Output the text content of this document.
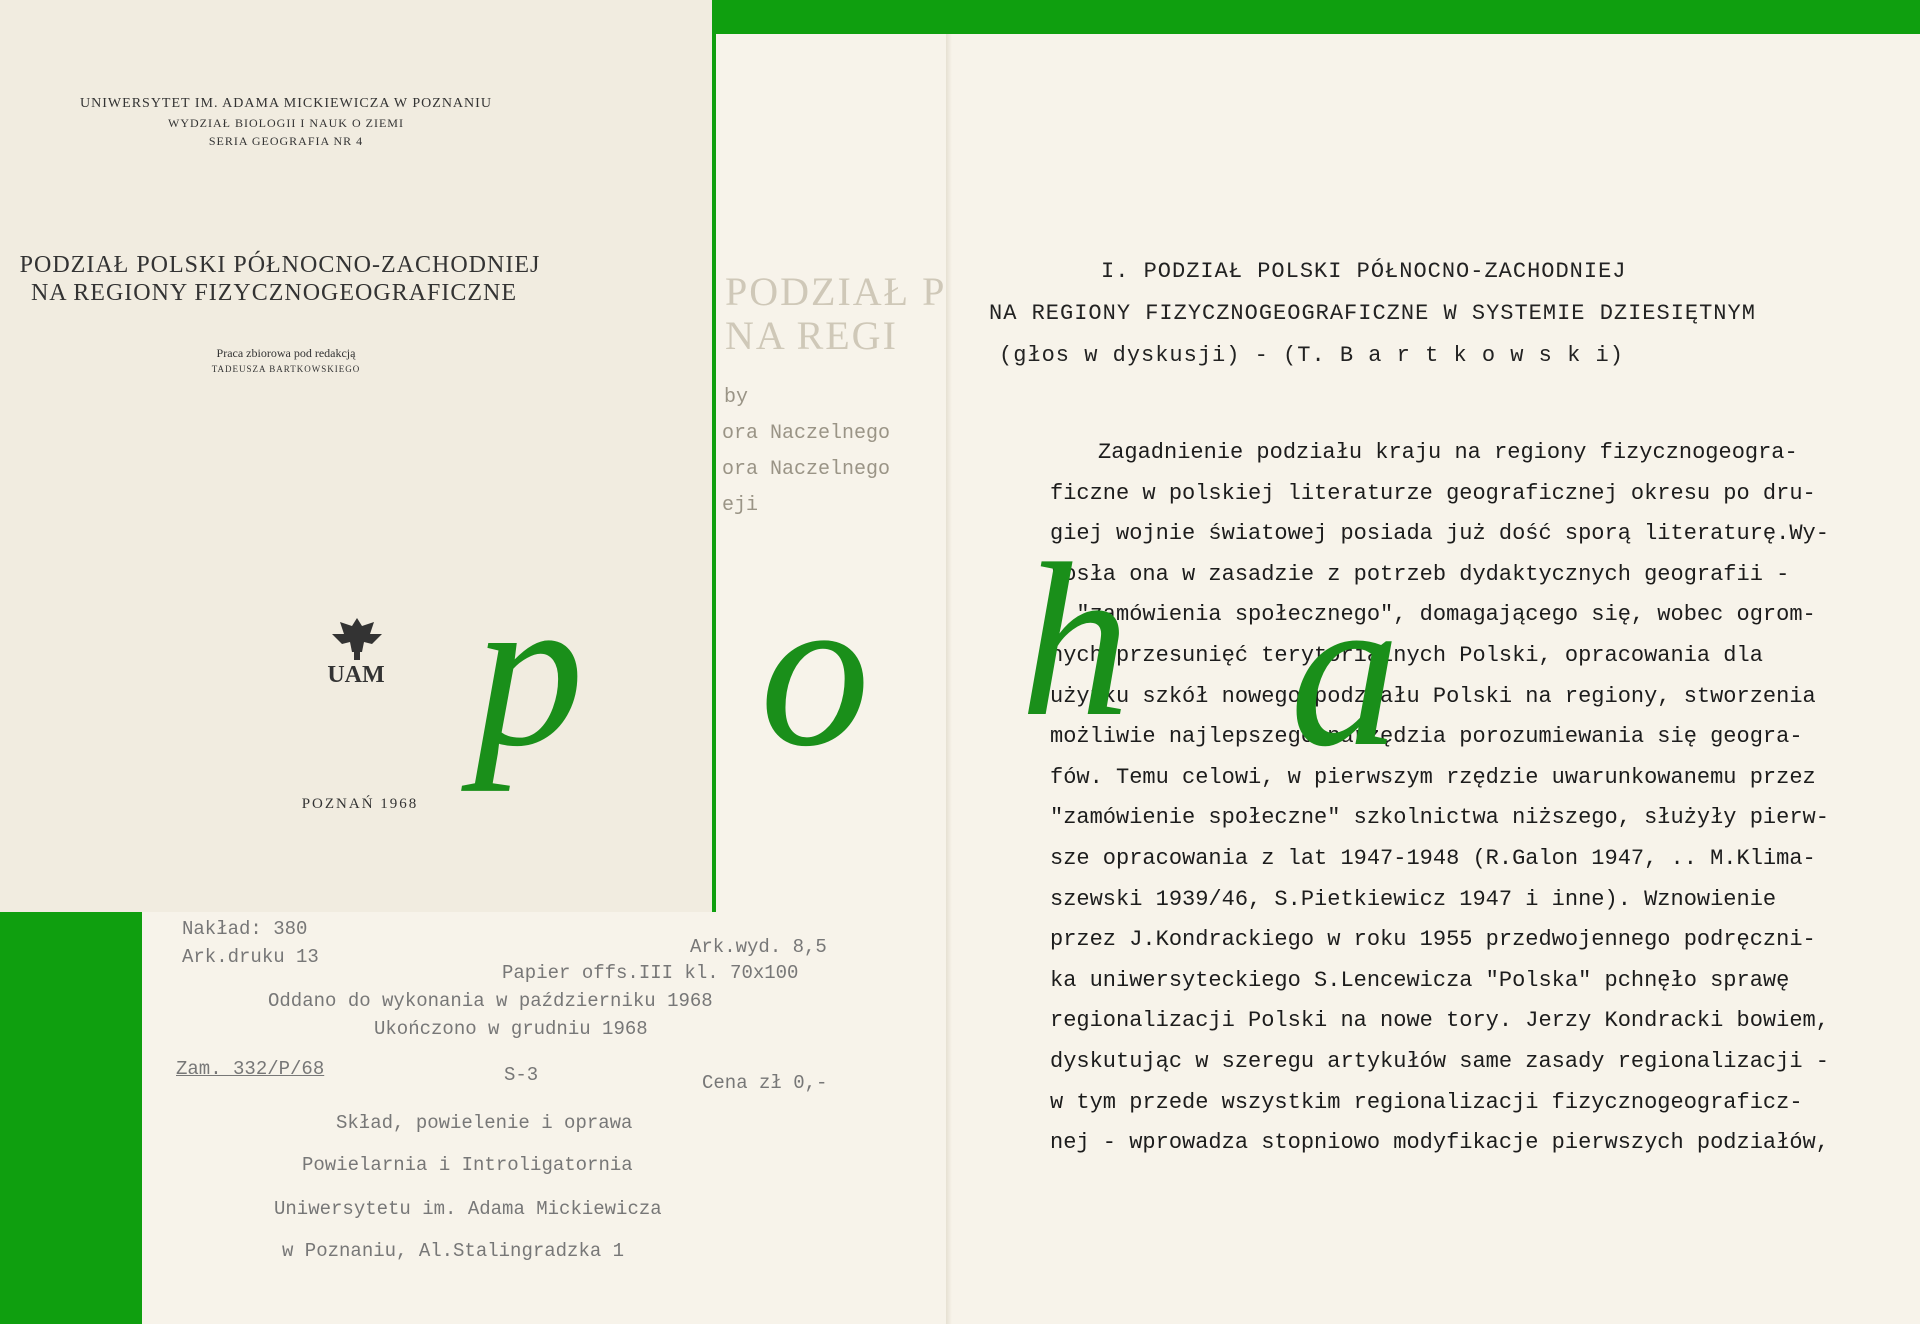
I. PODZIAŁ POLSKI PÓŁNOCNO-ZACHODNIEJ
NA REGIONY FIZYCZNOGEOGRAFICZNE W SYSTEMIE DZIESIĘTNYM
(głos w dyskusji) - (T. B a r t k o w s k i)
Zagadnienie podziału kraju na regiony fizycznogeogra-
ficzne w polskiej literaturze geograficznej okresu po dru-
giej wojnie światowej posiada już dość sporą literaturę.Wy-
rosła ona w zasadzie z potrzeb dydaktycznych geografii -
z "zamówienia społecznego", domagającego się, wobec ogrom-
nych przesunięć terytorialnych Polski, opracowania dla
użytku szkół nowego podziału Polski na regiony, stworzenia
możliwie najlepszego narzędzia porozumiewania się geogra-
fów. Temu celowi, w pierwszym rzędzie uwarunkowanemu przez
"zamówienie społeczne" szkolnictwa niższego, służyły pierw-
sze opracowania z lat 1947-1948 (R.Galon 1947, .. M.Klima-
szewski 1939/46, S.Pietkiewicz 1947 i inne). Wznowienie
przez J.Kondrackiego w roku 1955 przedwojennego podręczni-
ka uniwersyteckiego S.Lencewicza "Polska" pchnęło sprawę
regionalizacji Polski na nowe tory. Jerzy Kondracki bowiem,
dyskutując w szeregu artykułów same zasady regionalizacji -
w tym przede wszystkim regionalizacji fizycznogeograficz-
nej - wprowadza stopniowo modyfikacje pierwszych podziałów,
PODZIAŁ P
NA REGI
by
ora Naczelnego
ora Naczelnego
eji
UNIWERSYTET IM. ADAMA MICKIEWICZA W POZNANIU
WYDZIAŁ BIOLOGII I NAUK O ZIEMI
SERIA GEOGRAFIA NR 4
PODZIAŁ POLSKI PÓŁNOCNO-ZACHODNIEJ
NA REGIONY FIZYCZNOGEOGRAFICZNE
Praca zbiorowa pod redakcją
TADEUSZA BARTKOWSKIEGO
UAM
POZNAŃ 1968
Nakład: 380
Ark.druku 13	Ark.wyd. 8,5
Papier offs.III kl. 70x100
Oddano do wykonania w październiku 1968
Ukończono w grudniu 1968
Zam. 332/P/68	S-3	Cena zł 0,-
Skład, powielenie i oprawa
Powielarnia i Introligatornia
Uniwersytetu im. Adama Mickiewicza
w Poznaniu, Al.Stalingradzka 1
p o h a
